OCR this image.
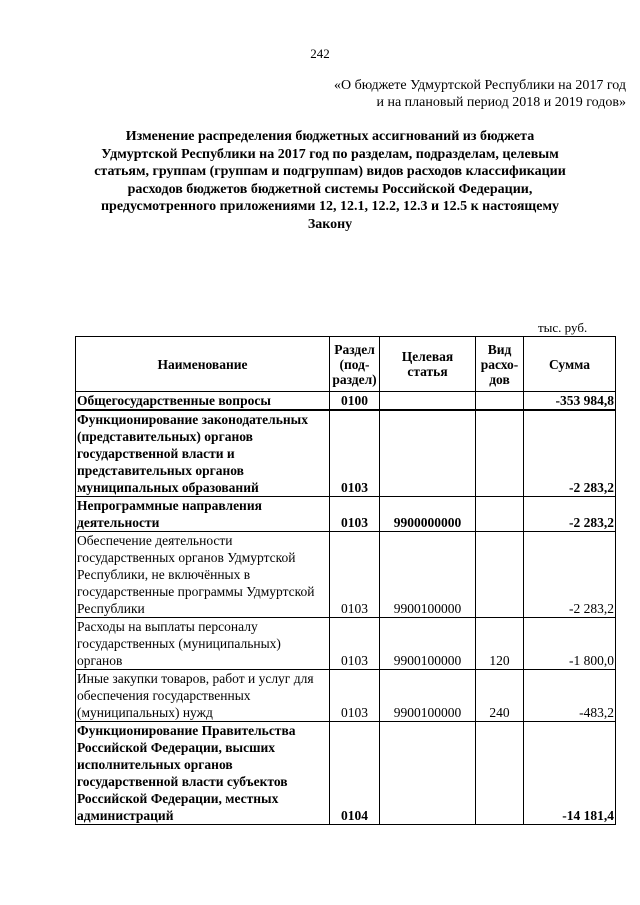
242
«О бюджете Удмуртской Республики на 2017 год
и на плановый период 2018 и 2019 годов»
Изменение распределения бюджетных ассигнований из бюджета
Удмуртской Республики на 2017 год по разделам, подразделам, целевым
статьям, группам (группам и подгруппам) видов расходов классификации
расходов бюджетов бюджетной системы Российской Федерации,
предусмотренного приложениями 12, 12.1, 12.2, 12.3 и 12.5 к настоящему
Закону
тыс. руб.
Наименование	Раздел (под-раздел)	Целевая статья	Вид расхо-дов	Сумма
Общегосударственные вопросы	0100			-353 984,8
Функционирование законодательных (представительных) органов государственной власти и представительных органов муниципальных образований	0103			-2 283,2
Непрограммные направления деятельности	0103	9900000000		-2 283,2
Обеспечение деятельности государственных органов Удмуртской Республики, не включённых в государственные программы Удмуртской Республики	0103	9900100000		-2 283,2
Расходы на выплаты персоналу государственных (муниципальных) органов	0103	9900100000	120	-1 800,0
Иные закупки товаров, работ и услуг для обеспечения государственных (муниципальных) нужд	0103	9900100000	240	-483,2
Функционирование Правительства Российской Федерации, высших исполнительных органов государственной власти субъектов Российской Федерации, местных администраций	0104			-14 181,4
